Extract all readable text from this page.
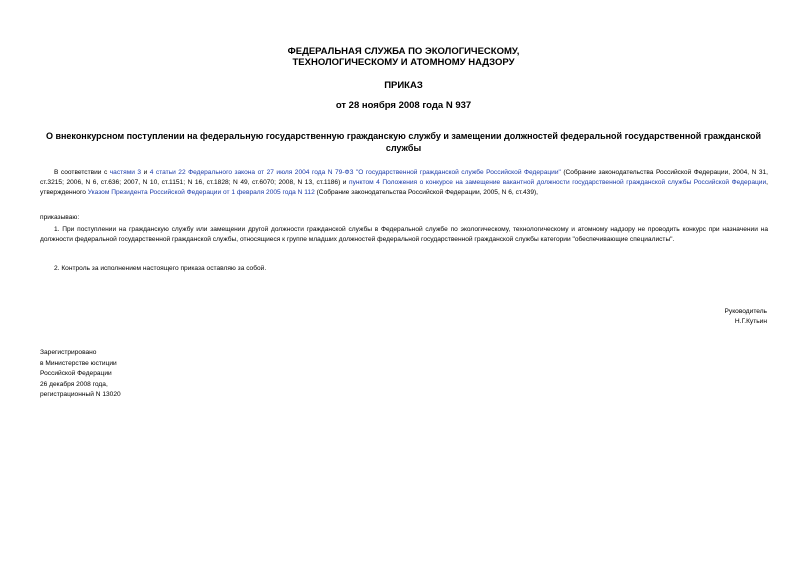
ФЕДЕРАЛЬНАЯ СЛУЖБА ПО ЭКОЛОГИЧЕСКОМУ,
ТЕХНОЛОГИЧЕСКОМУ И АТОМНОМУ НАДЗОРУ
ПРИКАЗ
от 28 ноября 2008 года N 937
О внеконкурсном поступлении на федеральную государственную гражданскую службу и замещении должностей федеральной государственной гражданской службы
В соответствии с частями 3 и 4 статьи 22 Федерального закона от 27 июля 2004 года N 79-ФЗ "О государственной гражданской службе Российской Федерации" (Собрание законодательства Российской Федерации, 2004, N 31, ст.3215; 2006, N 6, ст.636; 2007, N 10, ст.1151; N 16, ст.1828; N 49, ст.6070; 2008, N 13, ст.1186) и пунктом 4 Положения о конкурсе на замещение вакантной должности государственной гражданской службы Российской Федерации, утвержденного Указом Президента Российской Федерации от 1 февраля 2005 года N 112 (Собрание законодательства Российской Федерации, 2005, N 6, ст.439),
приказываю:
1. При поступлении на гражданскую службу или замещении другой должности гражданской службы в Федеральной службе по экологическому, технологическому и атомному надзору не проводить конкурс при назначении на должности федеральной государственной гражданской службы, относящиеся к группе младших должностей федеральной государственной гражданской службы категории "обеспечивающие специалисты".
2. Контроль за исполнением настоящего приказа оставляю за собой.
Руководитель
Н.Г.Кутьин
Зарегистрировано
в Министерстве юстиции
Российской Федерации
26 декабря 2008 года,
регистрационный N 13020
